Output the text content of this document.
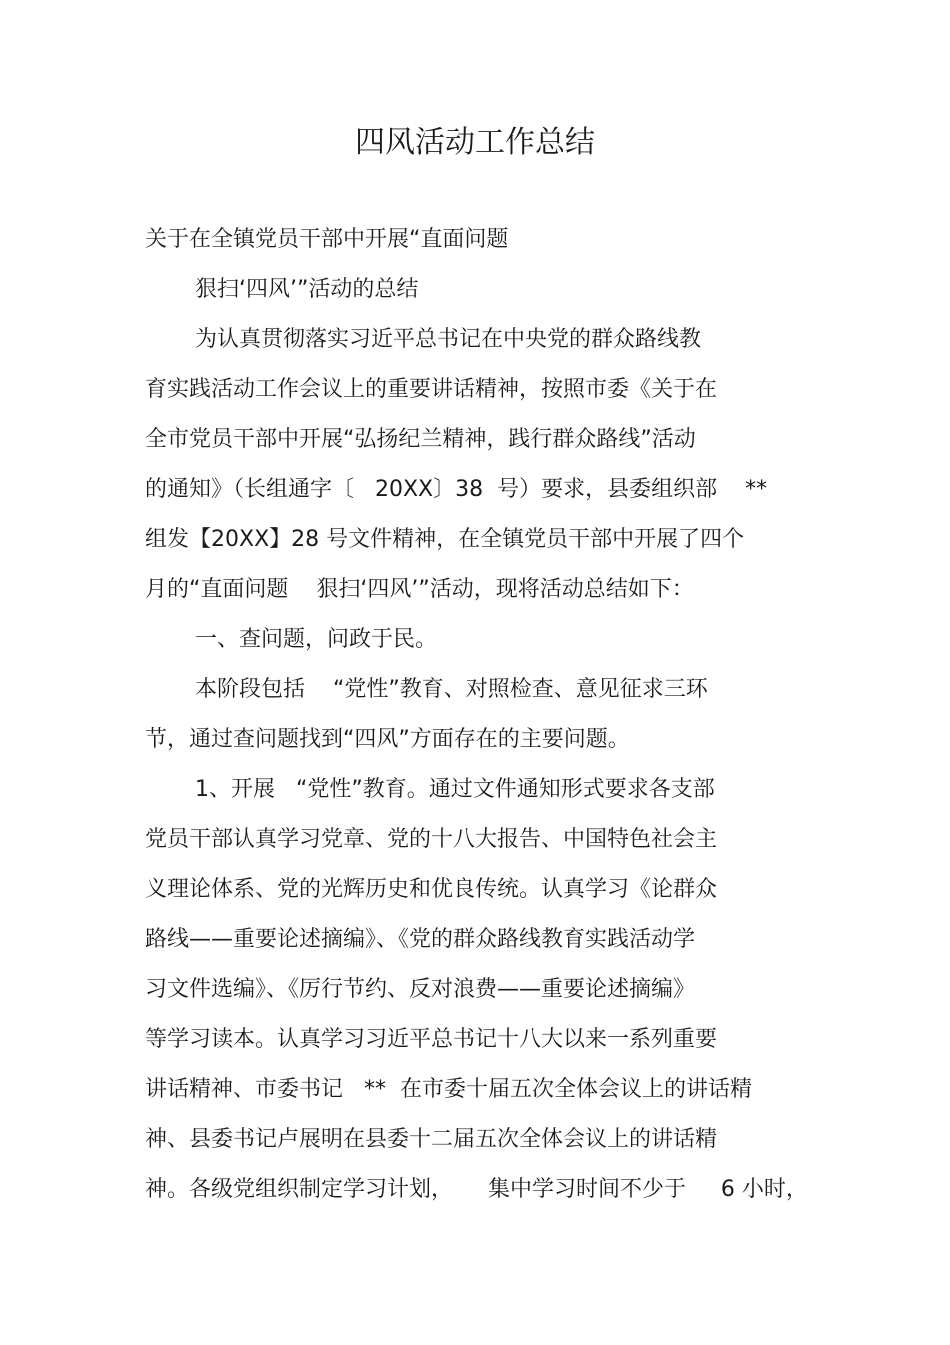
四风活动工作总结
关于在全镇党员干部中开展“直面问题
狠扫‘四风’”活动的总结
为认真贯彻落实习近平总书记在中央党的群众路线教
育实践活动工作会议上的重要讲话精神，按照市委《关于在
全市党员干部中开展“弘扬纪兰精神，践行群众路线”活动
的通知》（长组通字〔   20XX〕38  号）要求，县委组织部    **
组发【20XX】28 号文件精神，在全镇党员干部中开展了四个
月的“直面问题    狠扫‘四风’”活动，现将活动总结如下：
一、查问题，问政于民。
本阶段包括    “党性”教育、对照检查、意见征求三环
节，通过查问题找到“四风”方面存在的主要问题。
1、开展   “党性”教育。通过文件通知形式要求各支部
党员干部认真学习党章、党的十八大报告、中国特色社会主
义理论体系、党的光辉历史和优良传统。认真学习《论群众
路线——重要论述摘编》、《党的群众路线教育实践活动学
习文件选编》、《厉行节约、反对浪费——重要论述摘编》
等学习读本。认真学习习近平总书记十八大以来一系列重要
讲话精神、市委书记   **  在市委十届五次全体会议上的讲话精
神、县委书记卢展明在县委十二届五次全体会议上的讲话精
神。各级党组织制定学习计划，     集中学习时间不少于     6 小时，
